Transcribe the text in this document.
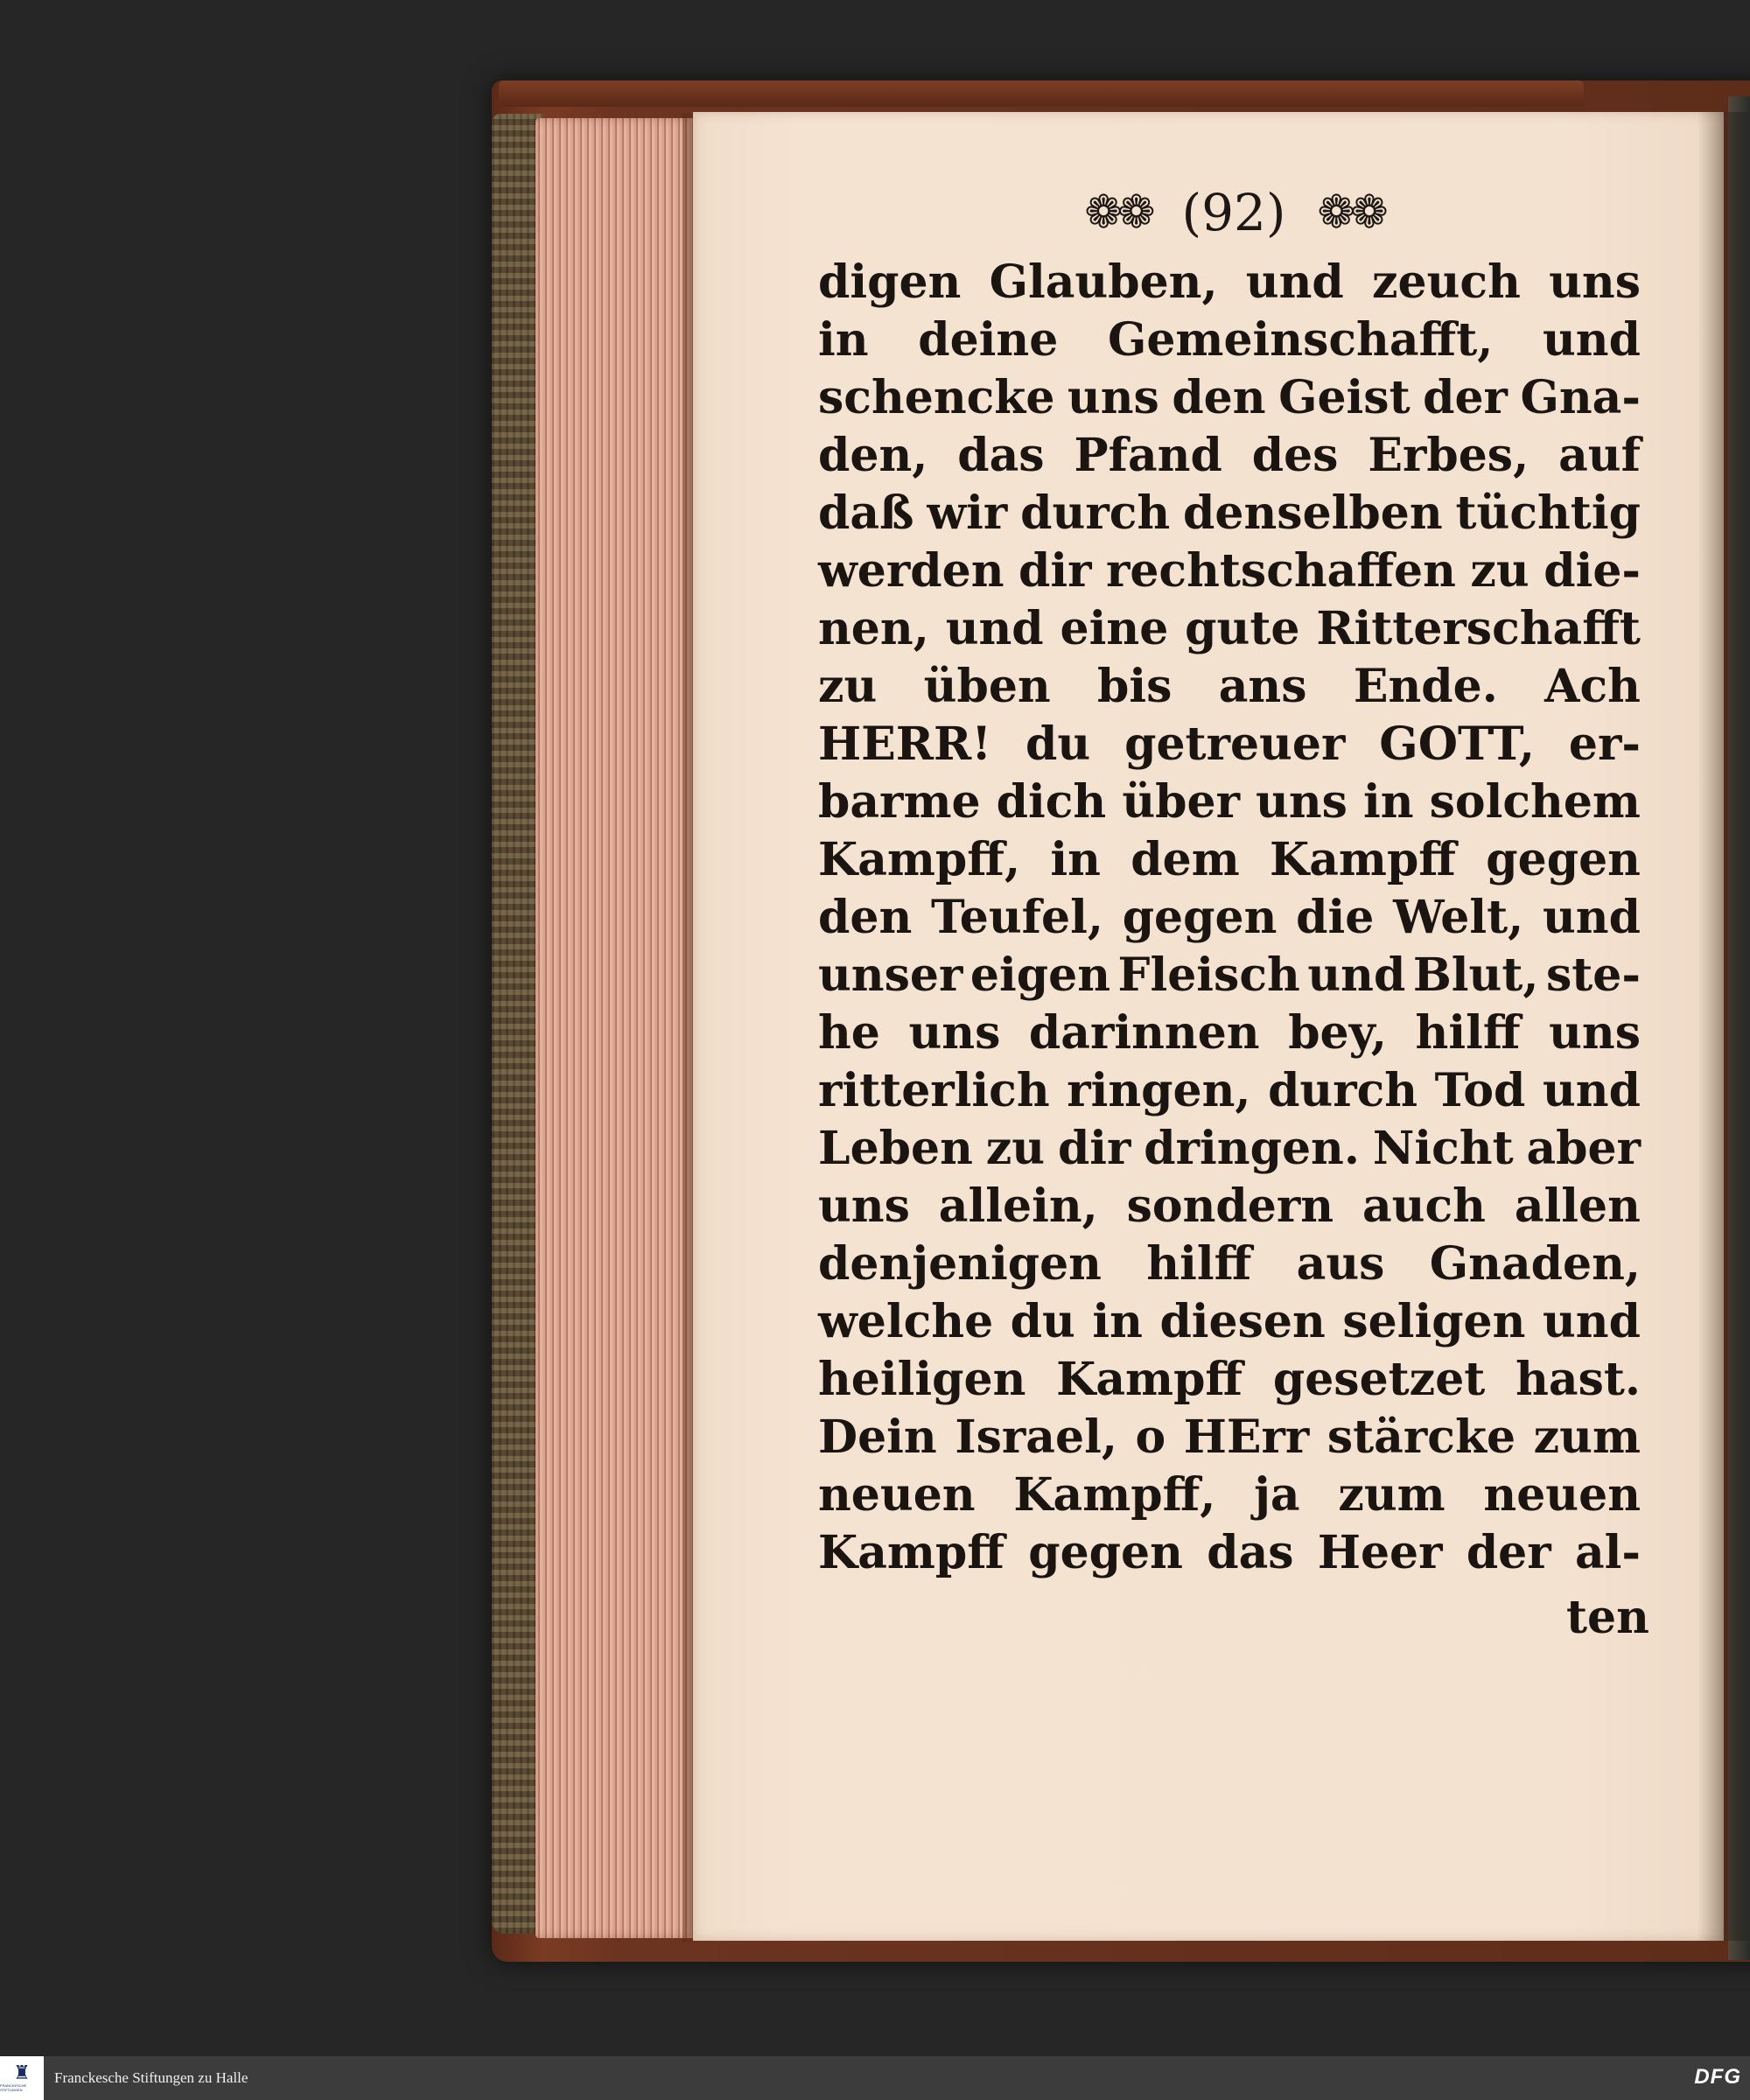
❁❁ (92) ❁❁
digen Glauben, und zeuch uns
in deine Gemeinschafft, und
schencke uns den Geist der Gna-
den, das Pfand des Erbes, auf
daß wir durch denselben tüchtig
werden dir rechtschaffen zu die-
nen, und eine gute Ritterschafft
zu üben bis ans Ende. Ach
HERR! du getreuer GOTT, er-
barme dich über uns in solchem
Kampff, in dem Kampff gegen
den Teufel, gegen die Welt, und
unser eigen Fleisch und Blut, ste-
he uns darinnen bey, hilff uns
ritterlich ringen, durch Tod und
Leben zu dir dringen. Nicht aber
uns allein, sondern auch allen
denjenigen hilff aus Gnaden,
welche du in diesen seligen und
heiligen Kampff gesetzet hast.
Dein Israel, o HErr stärcke zum
neuen Kampff, ja zum neuen
Kampff gegen das Heer der al-
ten
♜
FRANCKESCHE STIFTUNGEN
Franckesche Stiftungen zu Halle	DFG
